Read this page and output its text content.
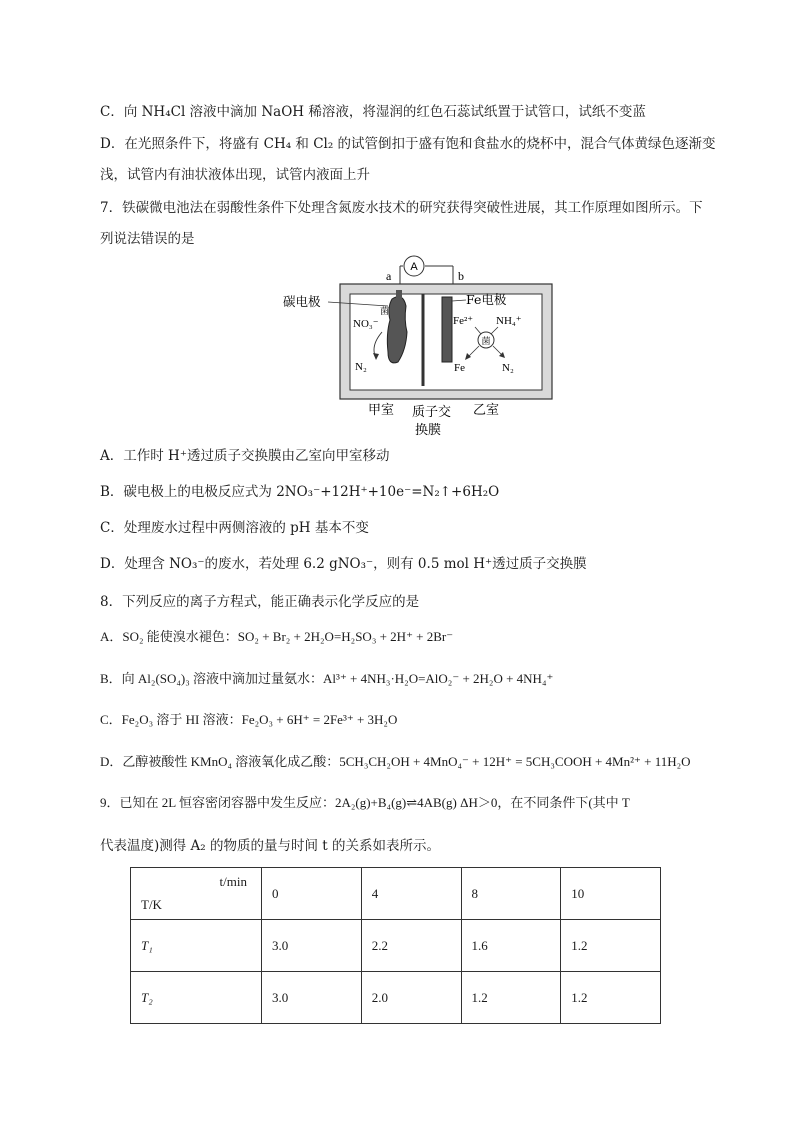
C．向 NH₄Cl 溶液中滴加 NaOH 稀溶液，将湿润的红色石蕊试纸置于试管口，试纸不变蓝
D．在光照条件下，将盛有 CH₄ 和 Cl₂ 的试管倒扣于盛有饱和食盐水的烧杯中，混合气体黄绿色逐渐变
浅，试管内有油状液体出现，试管内液面上升
7．铁碳微电池法在弱酸性条件下处理含氮废水技术的研究获得突破性进展，其工作原理如图所示。下
列说法错误的是
A
a	b
碳电极
菌
NO₃⁻
N₂
Fe电极
Fe²⁺ NH₄⁺
菌
Fe	N₂
甲室	乙室
质子交
换膜
A．工作时 H⁺透过质子交换膜由乙室向甲室移动
B．碳电极上的电极反应式为 2NO₃⁻+12H⁺+10e⁻=N₂↑+6H₂O
C．处理废水过程中两侧溶液的 pH 基本不变
D．处理含 NO₃⁻的废水，若处理 6.2 gNO₃⁻，则有 0.5 mol H⁺透过质子交换膜
8．下列反应的离子方程式，能正确表示化学反应的是
A．SO₂ 能使溴水褪色：SO₂ + Br₂ + 2H₂O=H₂SO₃ + 2H⁺ + 2Br⁻
B．向 Al₂(SO₄)₃ 溶液中滴加过量氨水：Al³⁺ + 4NH₃·H₂O=AlO₂⁻ + 2H₂O + 4NH₄⁺
C．Fe₂O₃ 溶于 HI 溶液：Fe₂O₃ + 6H⁺ = 2Fe³⁺ + 3H₂O
D．乙醇被酸性 KMnO₄ 溶液氧化成乙酸：5CH₃CH₂OH + 4MnO₄⁻ + 12H⁺ = 5CH₃COOH + 4Mn²⁺ + 11H₂O
9．已知在 2L 恒容密闭容器中发生反应：2A₂(g)+B₄(g)⇌4AB(g) ΔH＞0，在不同条件下(其中 T
代表温度)测得 A₂ 的物质的量与时间 t 的关系如表所示。
t/min
T/K	0	4	8	10
T₁	3.0	2.2	1.6	1.2
T₂	3.0	2.0	1.2	1.2
